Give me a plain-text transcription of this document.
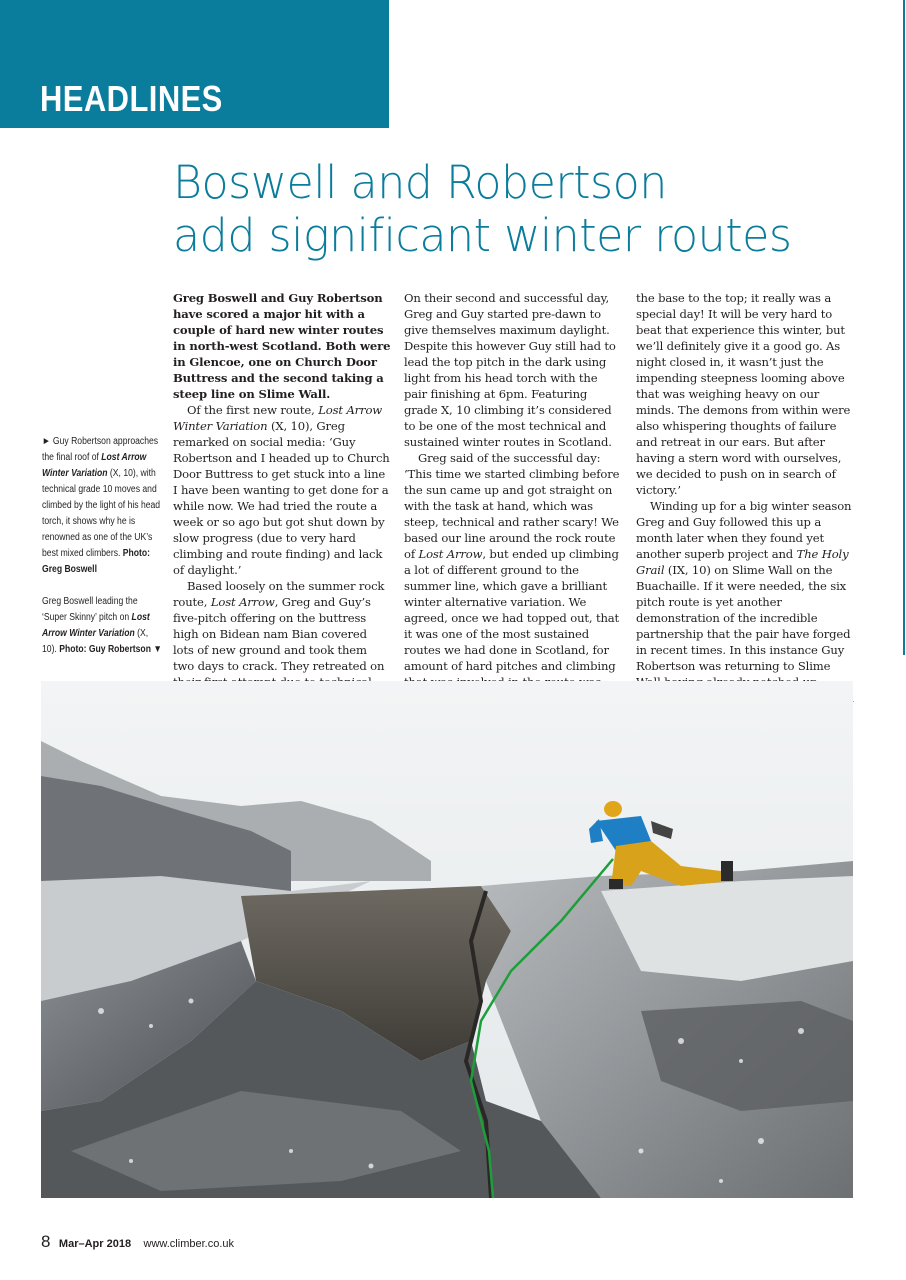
HEADLINES
Boswell and Robertson
add significant winter routes
► Guy Robertson approaches the final roof of Lost Arrow Winter Variation (X, 10), with technical grade 10 moves and climbed by the light of his head torch, it shows why he is renowned as one of the UK’s best mixed climbers. Photo: Greg Boswell
Greg Boswell leading the ‘Super Skinny’ pitch on Lost Arrow Winter Variation (X, 10). Photo: Guy Robertson ▼

Greg Boswell and Guy Robertson have scored a major hit with a couple of hard new winter routes in north-west Scotland. Both were in Glencoe, one on Church Door Buttress and the second taking a steep line on Slime Wall.

Of the first new route, Lost Arrow Winter Variation (X, 10), Greg remarked on social media: ‘Guy Robertson and I headed up to Church Door Buttress to get stuck into a line I have been wanting to get done for a while now. We had tried the route a week or so ago but got shut down by slow progress (due to very hard climbing and route finding) and lack of daylight.’

Based loosely on the summer rock route, Lost Arrow, Greg and Guy’s five-pitch offering on the buttress high on Bidean nam Bian covered lots of new ground and took them two days to crack. They retreated on

On their second and successful day, Greg and Guy started pre-dawn to give themselves maximum daylight. Despite this however Guy still had to lead the top pitch in the dark using light from his head torch with the pair finishing at 6pm. Featuring grade X, 10 climbing it’s considered to be one of the most technical and sustained winter routes in Scotland.

Greg said of the successful day: ‘This time we started climbing before the sun came up and got straight on with the task at hand, which was steep, technical and rather scary! We based our line around the rock route of Lost Arrow, but ended up climbing a lot of different ground to the summer line, which gave a brilliant winter alternative variation. We agreed, once we had topped out, that it was one of the most sustained routes we had done in Scotland, for amount of hard pitches and climbing

the base to the top; it really was a special day! It will be very hard to beat that experience this winter, but we’ll definitely give it a good go. As night closed in, it wasn’t just the impending steepness looming above that was weighing heavy on our minds. The demons from within were also whispering thoughts of failure and retreat in our ears. But after having a stern word with ourselves, we decided to push on in search of victory.’

Winding up for a big winter season Greg and Guy followed this up a month later when they found yet another superb project and The Holy Grail (IX, 10) on Slime Wall on the Buachaille. If it were needed, the six pitch route is yet another demonstration of the incredible partnership that the pair have forged in recent times. In this instance Guy Robertson was returning to Slime

8 Mar–Apr 2018 www.climber.co.uk
